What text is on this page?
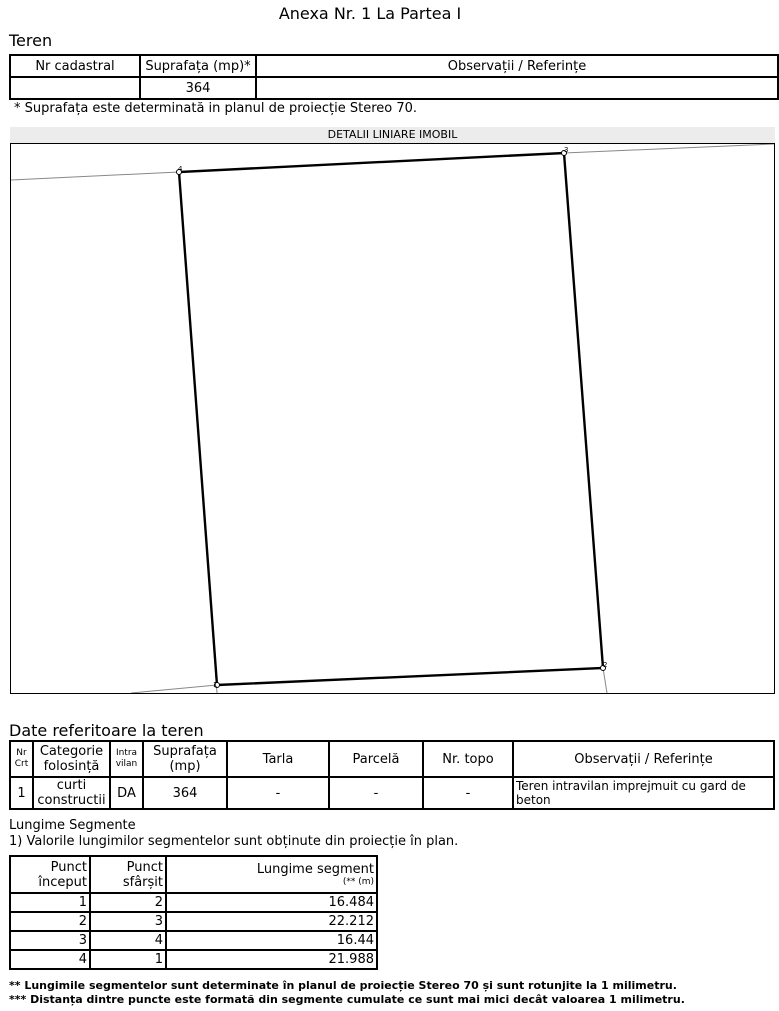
Anexa Nr. 1 La Partea I
Teren
Nr cadastral	Suprafața (mp)*	Observații / Referințe
	364	
* Suprafața este determinată in planul de proiecție Stereo 70.
DETALII LINIARE IMOBIL
1
2
3
4
Date referitoare la teren
Nr Crt	Categorie folosință	Intra vilan	Suprafața (mp)	Tarla	Parcelă	Nr. topo	Observații / Referințe
1	curti constructii	DA	364	-	-	-	Teren intravilan imprejmuit cu gard de beton
Lungime Segmente
1) Valorile lungimilor segmentelor sunt obținute din proiecție în plan.
Punct început	Punct sfârșit	Lungime segment
(** (m)

1	2	16.484
2	3	22.212
3	4	16.44
4	1	21.988
** Lungimile segmentelor sunt determinate în planul de proiecție Stereo 70 și sunt rotunjite la 1 milimetru.
*** Distanța dintre puncte este formată din segmente cumulate ce sunt mai mici decât valoarea 1 milimetru.
